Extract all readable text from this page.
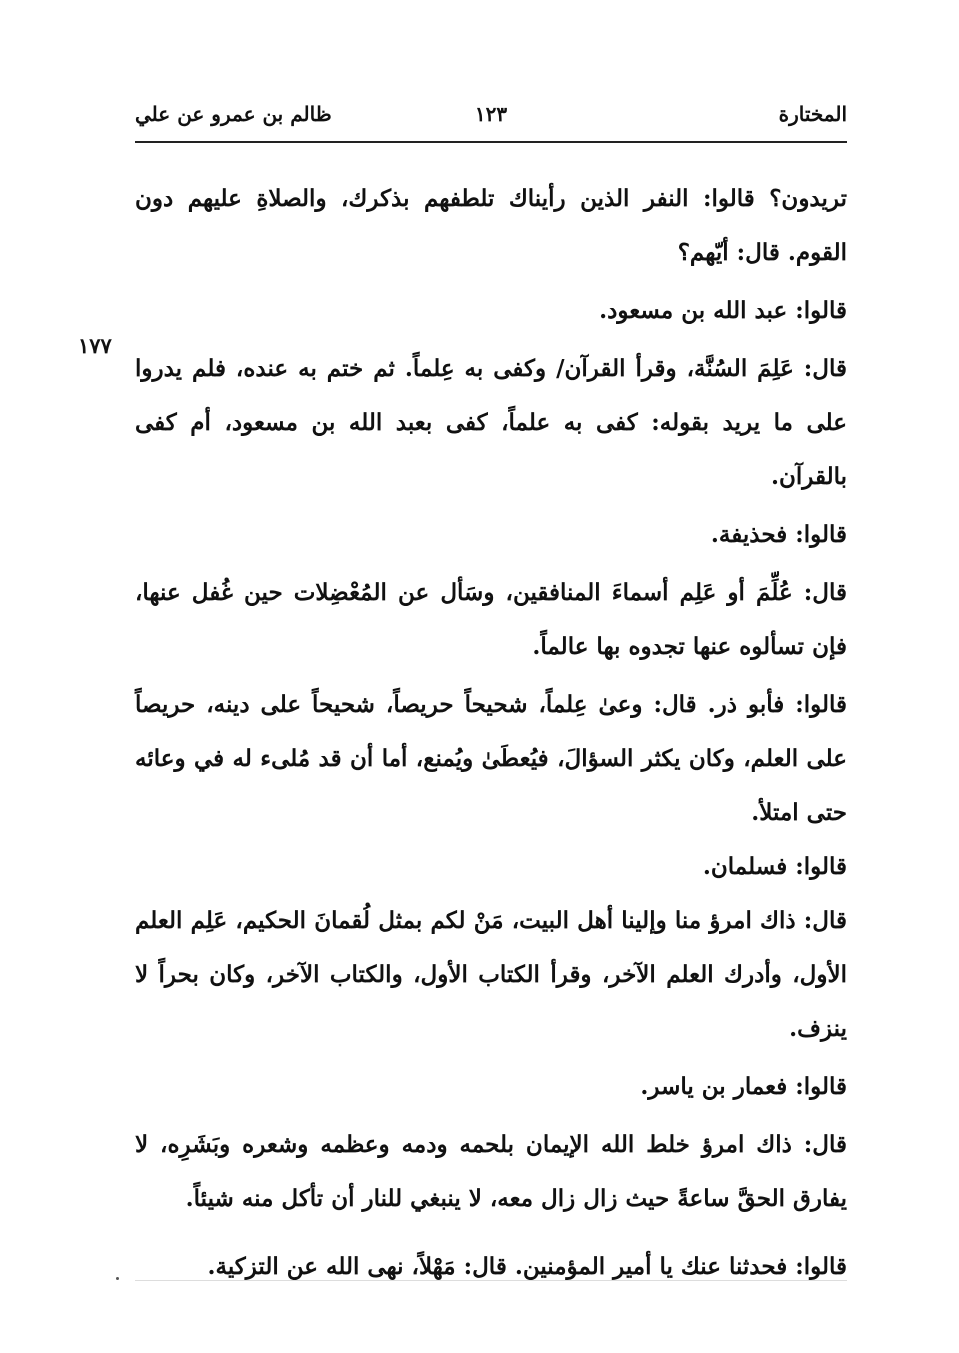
المختارة
١٢٣
ظالم بن عمرو عن علي
١٧٧

تريدون؟ قالوا: النفر الذين رأيناك تلطفهم بذكرك، والصلاةِ عليهم دون القوم. قال: أيّهم؟

قالوا: عبد الله بن مسعود.

قال: عَلِمَ السُنَّة، وقرأ القرآن/ وكفى به عِلماً. ثم ختم به عنده، فلم يدروا على ما يريد بقوله: كفى به علماً، كفى بعبد الله بن مسعود، أم كفى بالقرآن.

قالوا: فحذيفة.

قال: عُلِّمَ أو عَلِم أسماءَ المنافقين، وسَأل عن المُعْضِلات حين غُفل عنها، فإن تسألوه عنها تجدوه بها عالماً.

قالوا: فأبو ذر. قال: وعىٰ عِلماً، شحيحاً حريصاً، شحيحاً على دينه، حريصاً على العلم، وكان يكثر السؤالَ، فيُعطَىٰ ويُمنع، أما أن قد مُلىء له في وعائه حتى امتلأ.

قالوا: فسلمان.

قال: ذاك امرؤ منا وإلينا أهل البيت، مَنْ لكم بمثل لُقمانَ الحكيم، عَلِم العلم الأول، وأدرك العلم الآخر، وقرأ الكتاب الأول، والكتاب الآخر، وكان بحراً لا ينزف.

قالوا: فعمار بن ياسر.

قال: ذاك امرؤ خلط الله الإيمان بلحمه ودمه وعظمه وشعره وبَشَرِه، لا يفارق الحقَّ ساعةً حيث زال زال معه، لا ينبغي للنار أن تأكل منه شيئاً.

قالوا: فحدثنا عنك يا أمير المؤمنين. قال: مَهْلاً، نهى الله عن التزكية.
